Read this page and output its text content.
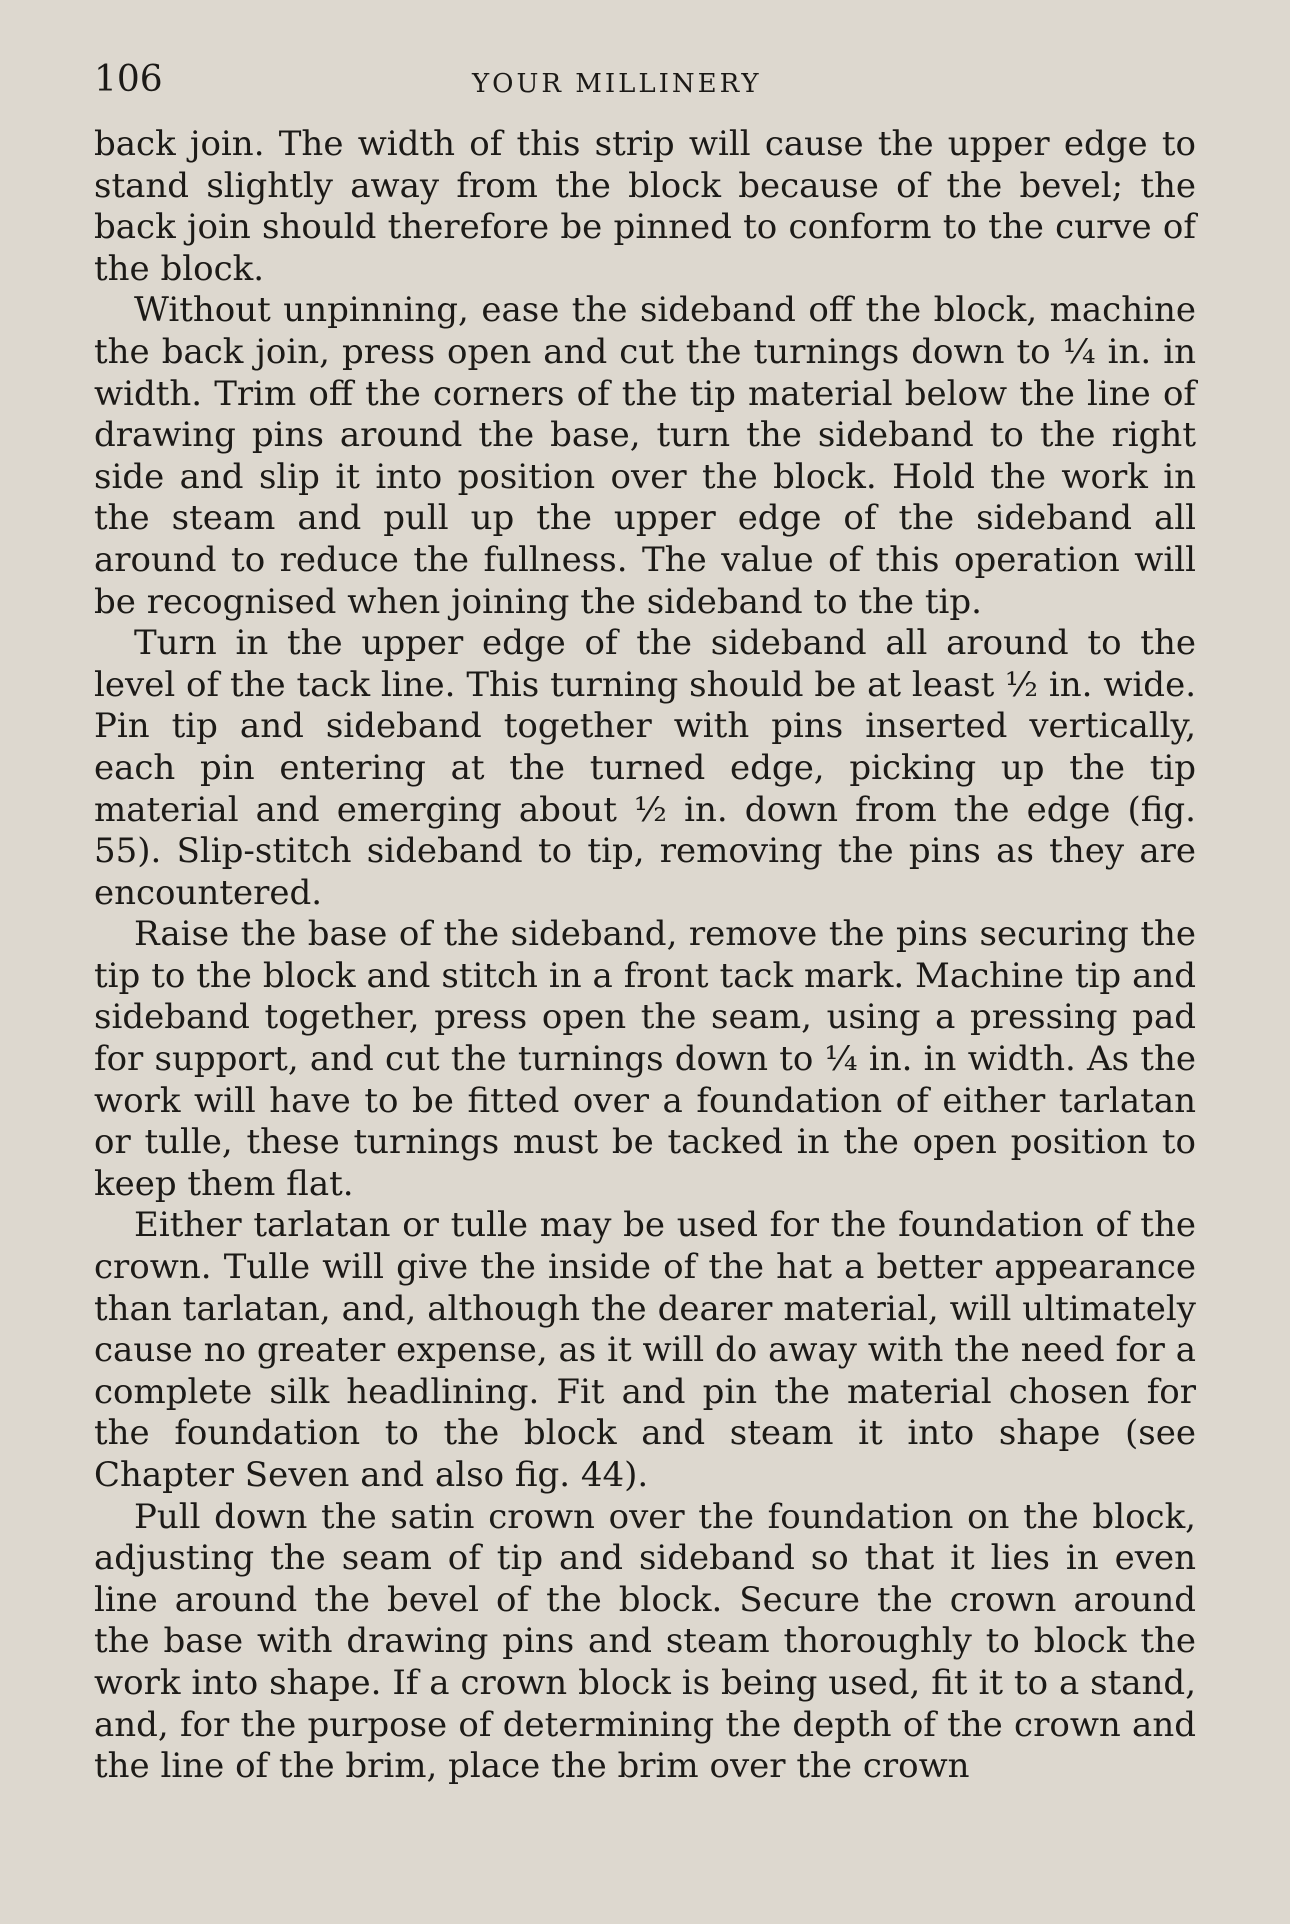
106	YOUR MILLINERY

back join. The width of this strip will cause the upper edge to stand slightly away from the block because of the bevel; the back join should therefore be pinned to conform to the curve of the block.

Without unpinning, ease the sideband off the block, machine the back join, press open and cut the turnings down to ¼ in. in width. Trim off the corners of the tip material below the line of drawing pins around the base, turn the sideband to the right side and slip it into position over the block. Hold the work in the steam and pull up the upper edge of the sideband all around to reduce the fullness. The value of this operation will be recognised when joining the sideband to the tip.

Turn in the upper edge of the sideband all around to the level of the tack line. This turning should be at least ½ in. wide. Pin tip and sideband together with pins inserted vertically, each pin entering at the turned edge, picking up the tip material and emerging about ½ in. down from the edge (fig. 55). Slip-stitch sideband to tip, removing the pins as they are encountered.

Raise the base of the sideband, remove the pins securing the tip to the block and stitch in a front tack mark. Machine tip and sideband together, press open the seam, using a pressing pad for support, and cut the turnings down to ¼ in. in width. As the work will have to be fitted over a foundation of either tarlatan or tulle, these turnings must be tacked in the open position to keep them flat.

Either tarlatan or tulle may be used for the foundation of the crown. Tulle will give the inside of the hat a better appearance than tarlatan, and, although the dearer material, will ultimately cause no greater expense, as it will do away with the need for a complete silk headlining. Fit and pin the material chosen for the foundation to the block and steam it into shape (see Chapter Seven and also fig. 44).

Pull down the satin crown over the foundation on the block, adjusting the seam of tip and sideband so that it lies in even line around the bevel of the block. Secure the crown around the base with drawing pins and steam thoroughly to block the work into shape. If a crown block is being used, fit it to a stand, and, for the purpose of determining the depth of the crown and the line of the brim, place the brim over the crown
